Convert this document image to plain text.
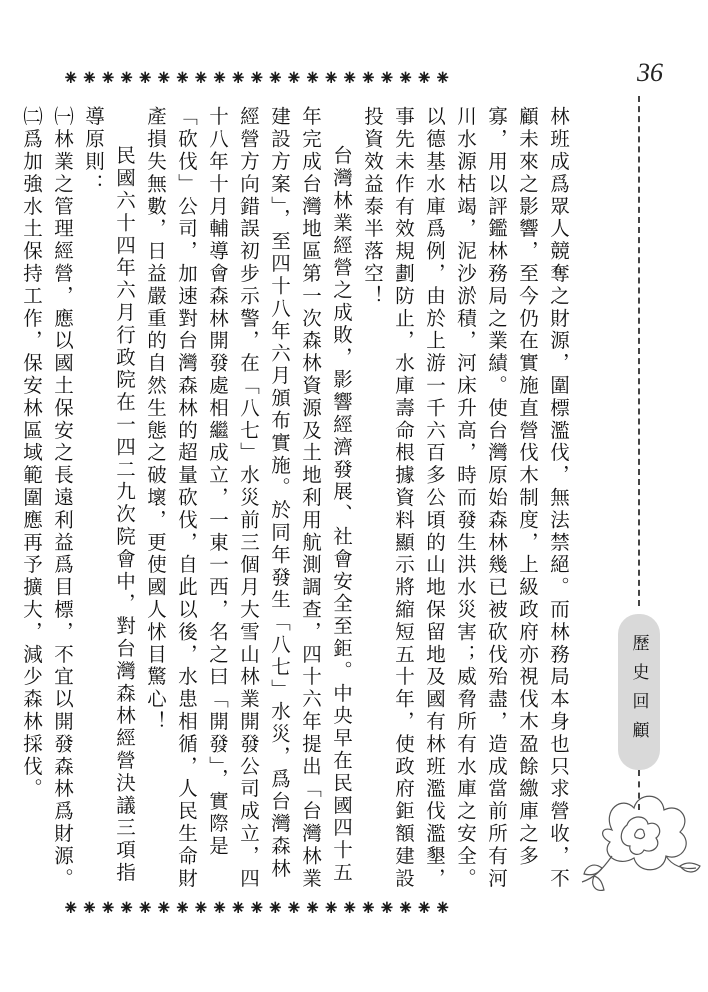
36
⁕⁕⁕⁕⁕⁕⁕⁕⁕⁕⁕⁕⁕⁕⁕⁕⁕⁕⁕⁕⁕

林班成爲眾人競奪之財源，圍標濫伐，無法禁絕。而林務局本身也只求營收，不顧未來之影響，至今仍在實施直營伐木制度，上級政府亦視伐木盈餘繳庫之多寡，用以評鑑林務局之業績。使台灣原始森林幾已被砍伐殆盡，造成當前所有河川水源枯竭，泥沙淤積，河床升高，時而發生洪水災害；威脅所有水庫之安全。以德基水庫爲例，由於上游一千六百多公頃的山地保留地及國有林班濫伐濫墾，事先未作有效規劃防止，水庫壽命根據資料顯示將縮短五十年，使政府鉅額建設投資效益泰半落空！

台灣林業經營之成敗，影響經濟發展、社會安全至鉅。中央早在民國四十五年完成台灣地區第一次森林資源及土地利用航測調查，四十六年提出「台灣林業建設方案」，至四十八年六月頒布實施。於同年發生「八七」水災，爲台灣森林經營方向錯誤初步示警，在「八七」水災前三個月大雪山林業開發公司成立，四十八年十月輔導會森林開發處相繼成立，一東一西，名之曰「開發」，實際是「砍伐」公司，加速對台灣森林的超量砍伐，自此以後，水患相循，人民生命財產損失無數，日益嚴重的自然生態之破壞，更使國人怵目驚心！

民國六十四年六月行政院在一四二九次院會中，對台灣森林經營決議三項指導原則：

㈠林業之管理經營，應以國土保安之長遠利益爲目標，不宜以開發森林爲財源。

㈡爲加強水土保持工作，保安林區域範圍應再予擴大，減少森林採伐。

⁕⁕⁕⁕⁕⁕⁕⁕⁕⁕⁕⁕⁕⁕⁕⁕⁕⁕⁕⁕⁕
歷史回顧
